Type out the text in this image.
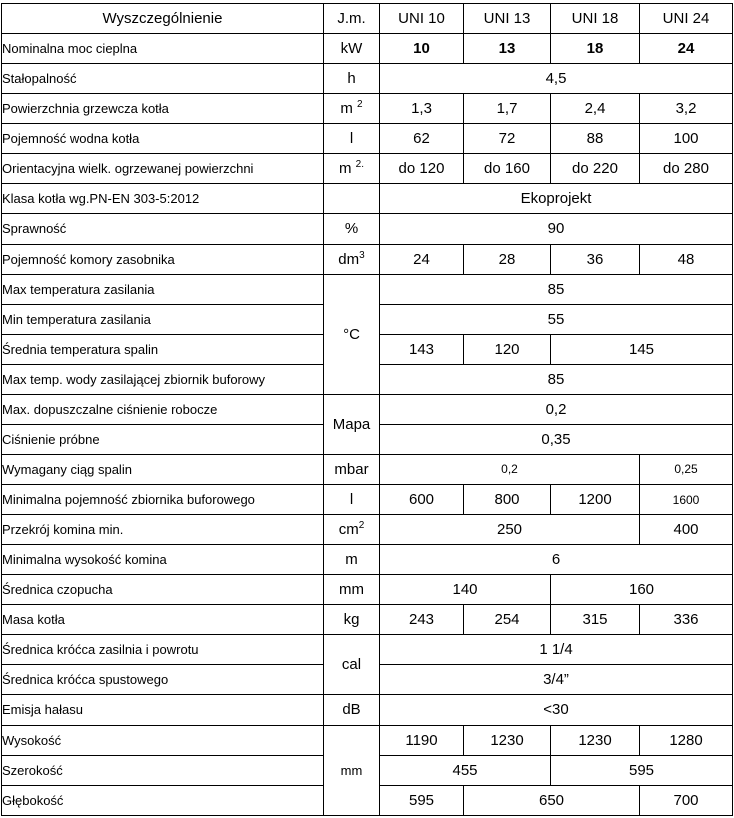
Wyszczególnienie	J.m.	UNI 10	UNI 13	UNI 18	UNI 24
Nominalna moc cieplna	kW	10	13	18	24
Stałopalność	h	4,5			
Powierzchnia grzewcza kotła	m $^2$	1,3	1,7	2,4	3,2
Pojemność wodna kotła	l	62	72	88	100
Orientacyjna wielk. ogrzewanej powierzchni	m $^{2.}$	do 120	do 160	do 220	do 280
Klasa kotła wg.PN-EN 303-5:2012		Ekoprojekt			
Sprawność	%	90			
Pojemność komory zasobnika	$dm^3$	24	28	36	48
Max temperatura zasilania	°C	85			
Min temperatura zasilania		55			
Średnia temperatura spalin		143	120	145	
Max temp. wody zasilającej zbiornik buforowy		85			
Max. dopuszczalne ciśnienie robocze	Mapa	0,2			
Ciśnienie próbne		0,35			
Wymagany ciąg spalin	mbar	0,2			0,25
Minimalna pojemność zbiornika buforowego	l	600	800	1200	1600
Przekrój komina min.	$cm^2$	250			400
Minimalna wysokość komina	m	6			
Średnica czopucha	mm	140		160	
Masa kotła	kg	243	254	315	336
Średnica króćca zasilnia i powrotu	cal	1 1/4			
Średnica króćca spustowego		3/4”			
Emisja hałasu	dB	<30			
Wysokość	mm	1190	1230	1230	1280
Szerokość		455		595	
Głębokość		595	650		700
